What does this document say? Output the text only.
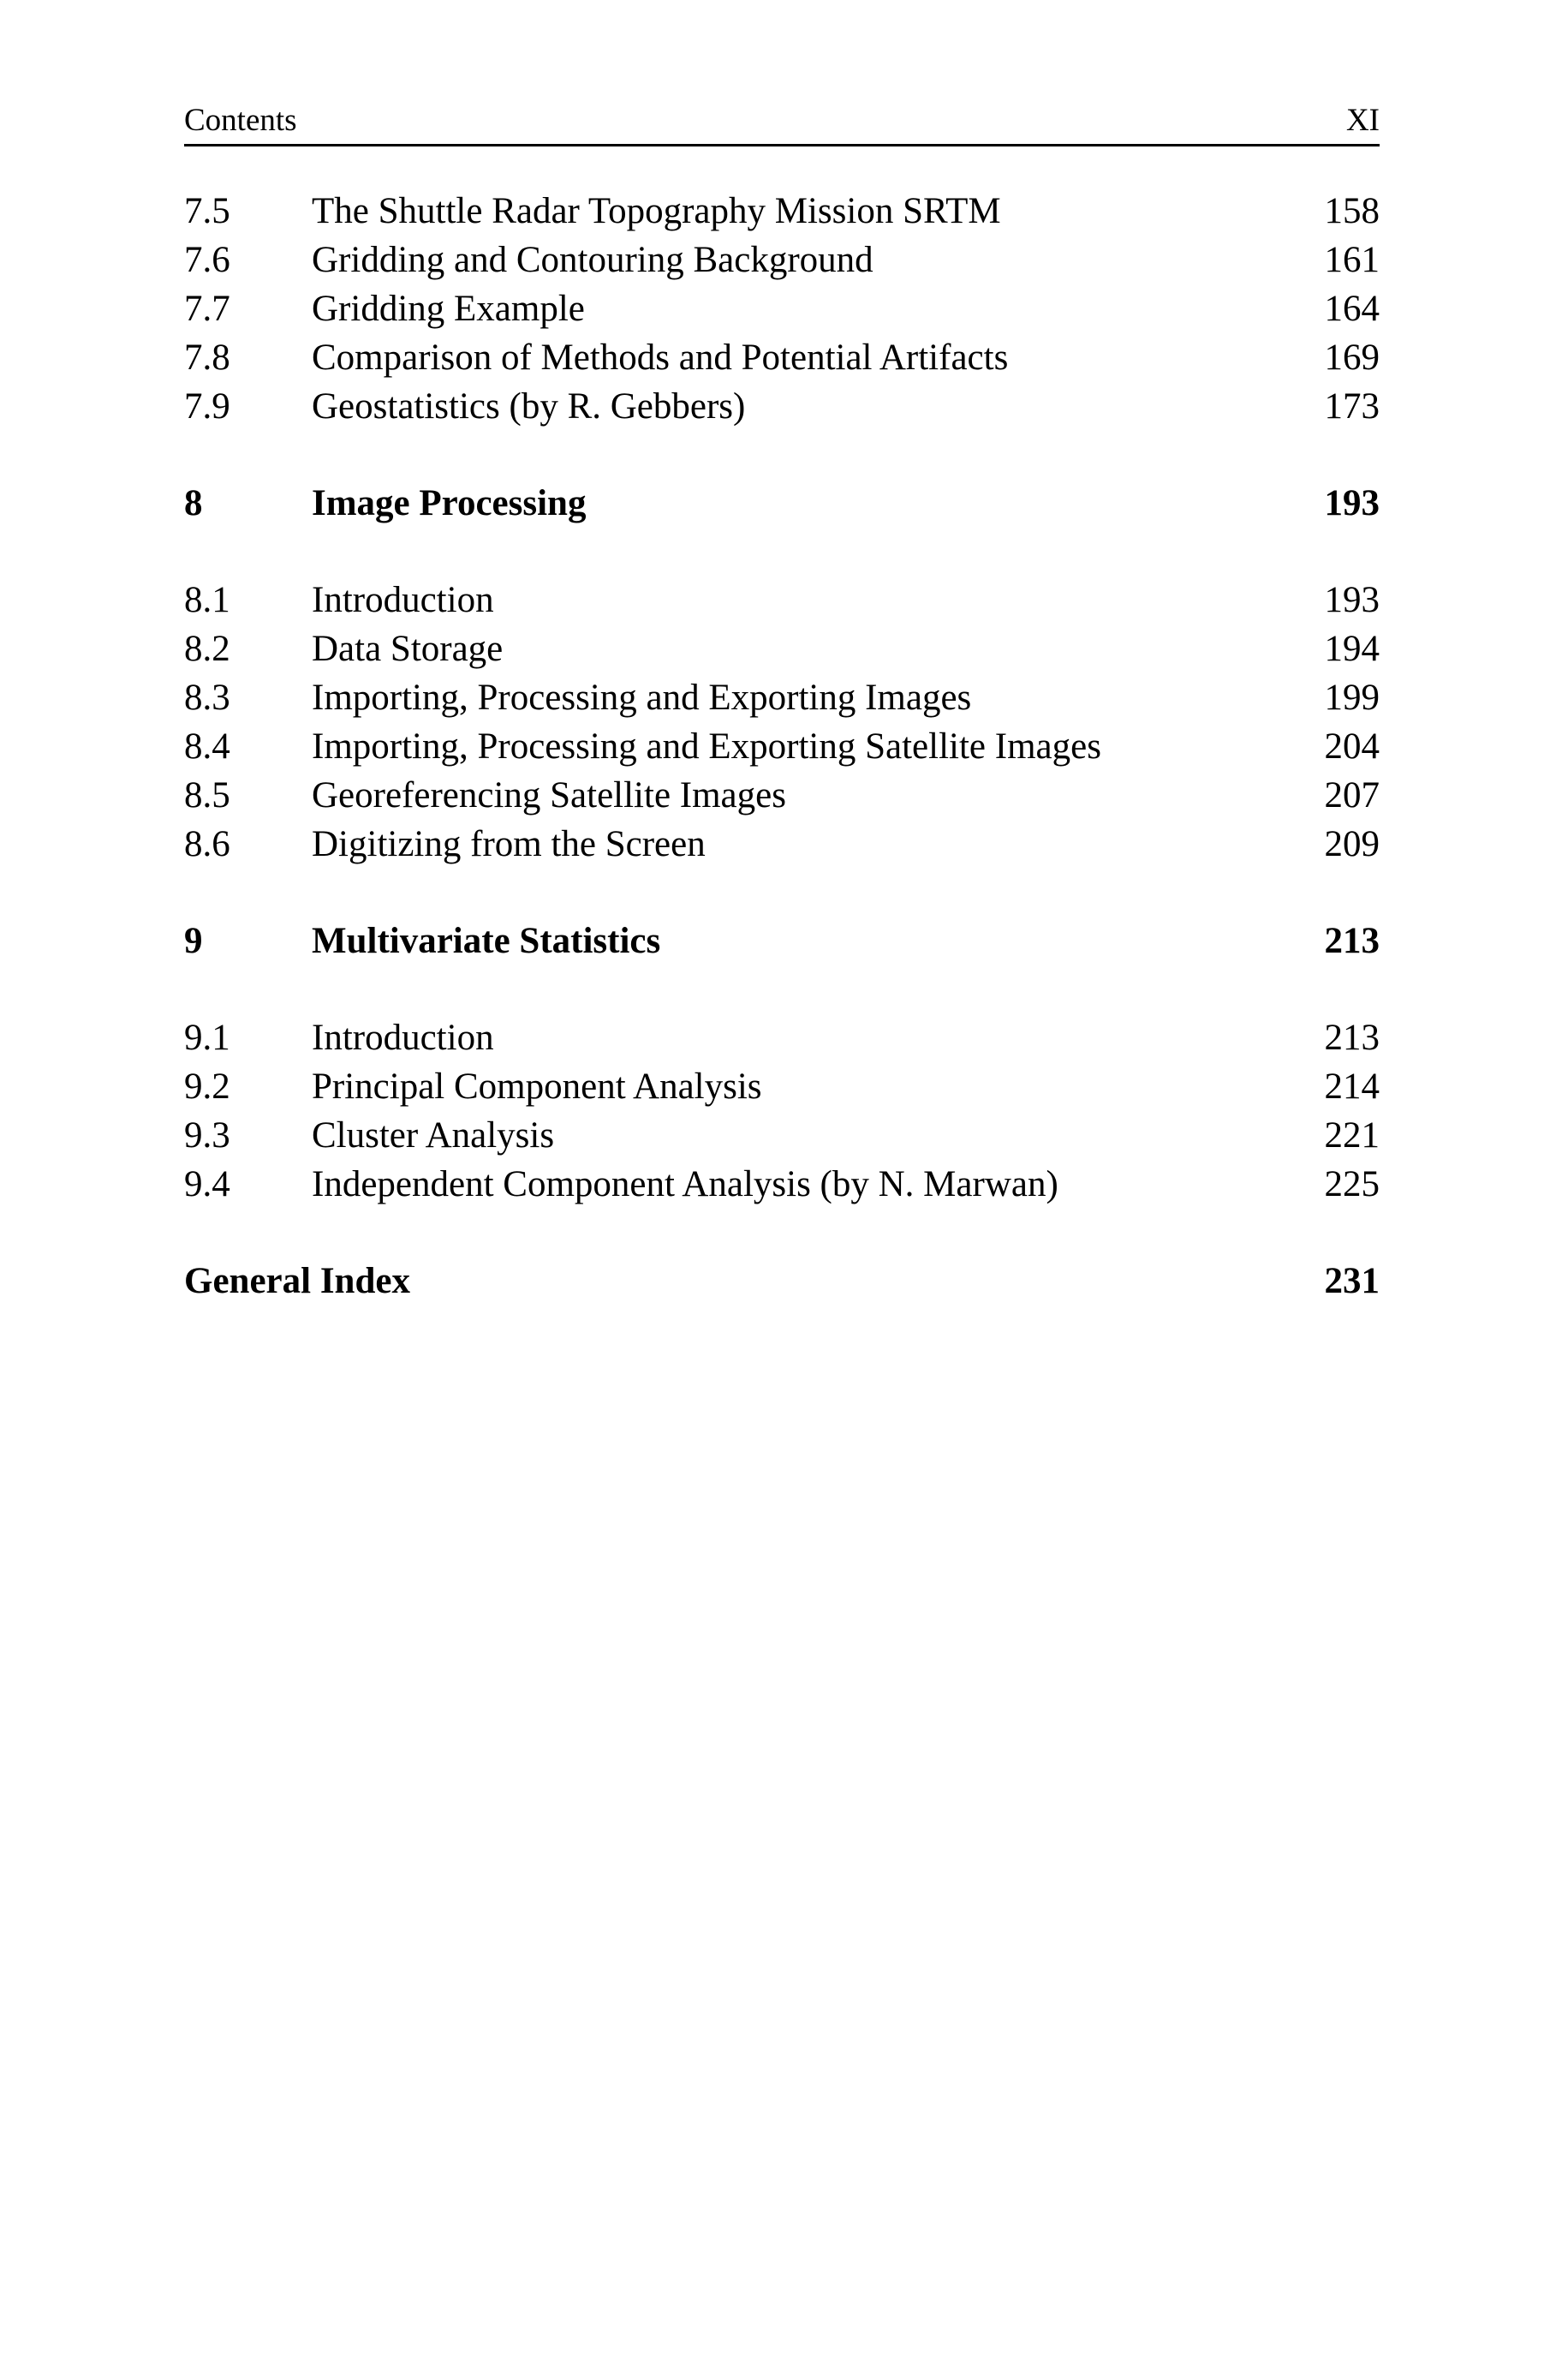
Contents	XI
7.5 The Shuttle Radar Topography Mission SRTM	158
7.6 Gridding and Contouring Background	161
7.7 Gridding Example	164
7.8 Comparison of Methods and Potential Artifacts	169
7.9 Geostatistics (by R. Gebbers)	173
8	Image Processing	193
8.1 Introduction	193
8.2 Data Storage	194
8.3 Importing, Processing and Exporting Images	199
8.4 Importing, Processing and Exporting Satellite Images	204
8.5 Georeferencing Satellite Images	207
8.6 Digitizing from the Screen	209
9	Multivariate Statistics	213
9.1 Introduction	213
9.2 Principal Component Analysis	214
9.3 Cluster Analysis	221
9.4 Independent Component Analysis (by N. Marwan)	225
General Index	231
